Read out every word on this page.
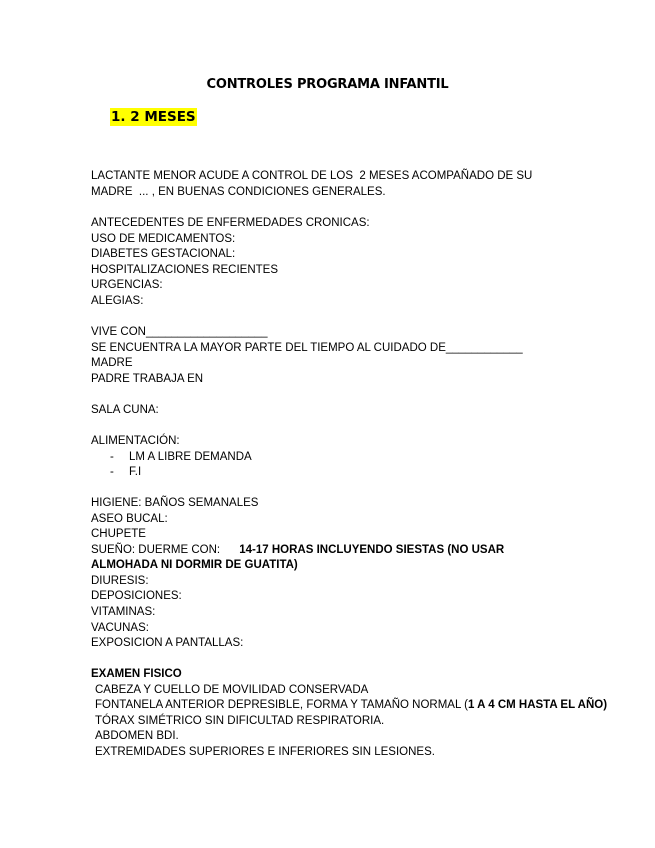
CONTROLES PROGRAMA INFANTIL
1. 2 MESES
LACTANTE MENOR ACUDE A CONTROL DE LOS  2 MESES ACOMPAÑADO DE SU
MADRE  ... , EN BUENAS CONDICIONES GENERALES.
ANTECEDENTES DE ENFERMEDADES CRONICAS:
USO DE MEDICAMENTOS:
DIABETES GESTACIONAL:
HOSPITALIZACIONES RECIENTES
URGENCIAS:
ALEGIAS:
VIVE CON___________________
SE ENCUENTRA LA MAYOR PARTE DEL TIEMPO AL CUIDADO DE____________
MADRE
PADRE TRABAJA EN
SALA CUNA:
ALIMENTACIÓN:
- LM A LIBRE DEMANDA
- F.I
HIGIENE: BAÑOS SEMANALES
ASEO BUCAL:
CHUPETE
SUEÑO: DUERME CON: 14-17 HORAS INCLUYENDO SIESTAS (NO USAR
ALMOHADA NI DORMIR DE GUATITA)
DIURESIS:
DEPOSICIONES:
VITAMINAS:
VACUNAS:
EXPOSICION A PANTALLAS:
EXAMEN FISICO
CABEZA Y CUELLO DE MOVILIDAD CONSERVADA
FONTANELA ANTERIOR DEPRESIBLE, FORMA Y TAMAÑO NORMAL (1 A 4 CM HASTA EL AÑO)
TÓRAX SIMÉTRICO SIN DIFICULTAD RESPIRATORIA.
ABDOMEN BDI.
EXTREMIDADES SUPERIORES E INFERIORES SIN LESIONES.
